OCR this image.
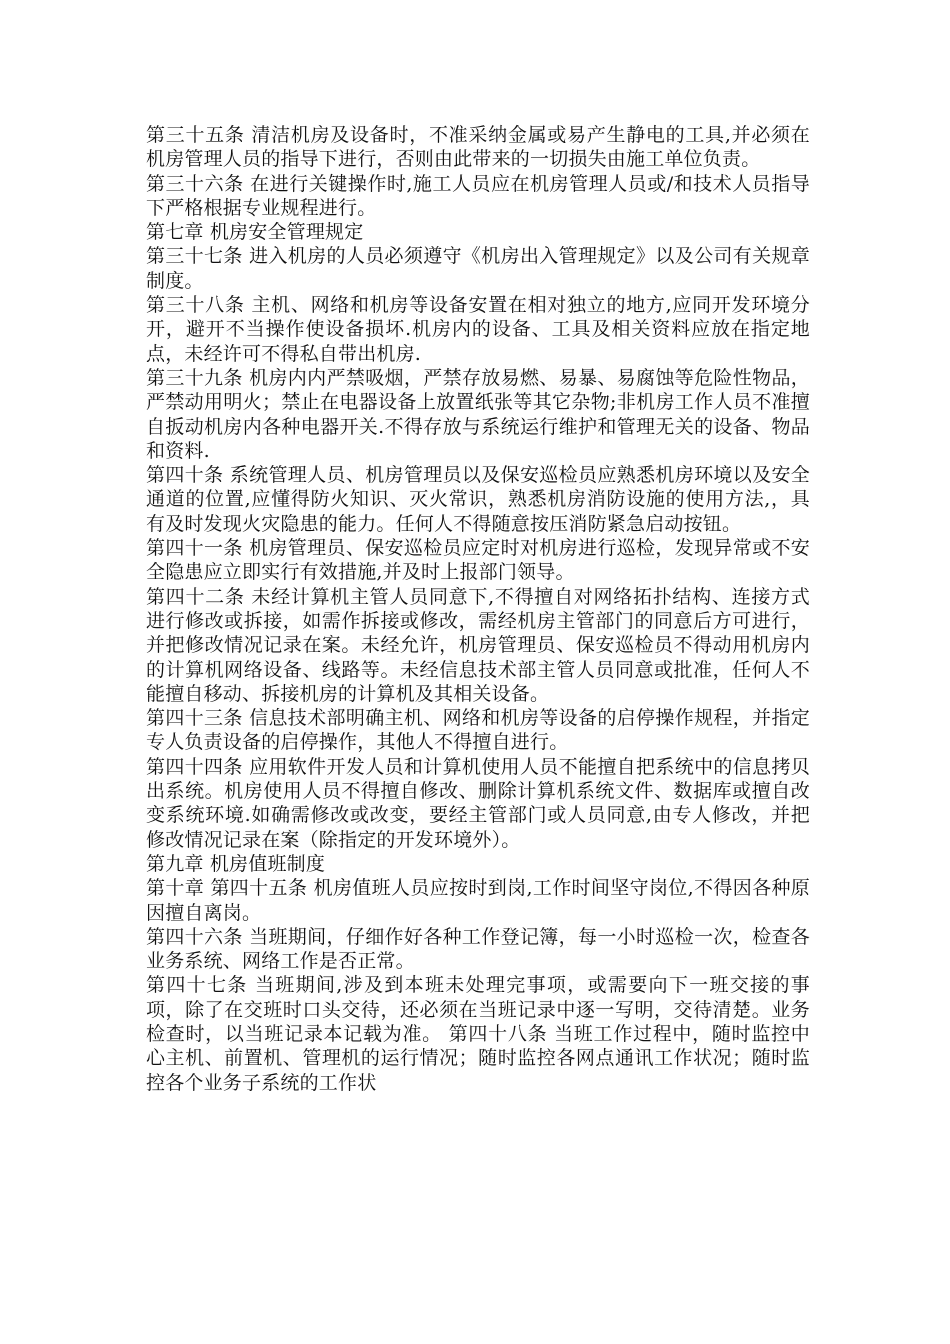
第三十五条 清洁机房及设备时，不准采纳金属或易产生静电的工具,并必须在机房管理人员的指导下进行，否则由此带来的一切损失由施工单位负责。

第三十六条 在进行关键操作时,施工人员应在机房管理人员或/和技术人员指导下严格根据专业规程进行。

第七章 机房安全管理规定

第三十七条 进入机房的人员必须遵守《机房出入管理规定》以及公司有关规章制度。

第三十八条 主机、网络和机房等设备安置在相对独立的地方,应同开发环境分开，避开不当操作使设备损坏.机房内的设备、工具及相关资料应放在指定地点，未经许可不得私自带出机房.

第三十九条 机房内内严禁吸烟，严禁存放易燃、易暴、易腐蚀等危险性物品，严禁动用明火；禁止在电器设备上放置纸张等其它杂物;非机房工作人员不准擅自扳动机房内各种电器开关.不得存放与系统运行维护和管理无关的设备、物品和资料.

第四十条 系统管理人员、机房管理员以及保安巡检员应熟悉机房环境以及安全通道的位置,应懂得防火知识、灭火常识，熟悉机房消防设施的使用方法,，具有及时发现火灾隐患的能力。任何人不得随意按压消防紧急启动按钮。

第四十一条 机房管理员、保安巡检员应定时对机房进行巡检，发现异常或不安全隐患应立即实行有效措施,并及时上报部门领导。

第四十二条 未经计算机主管人员同意下,不得擅自对网络拓扑结构、连接方式进行修改或拆接，如需作拆接或修改，需经机房主管部门的同意后方可进行，并把修改情况记录在案。未经允许，机房管理员、保安巡检员不得动用机房内的计算机网络设备、线路等。未经信息技术部主管人员同意或批准，任何人不能擅自移动、拆接机房的计算机及其相关设备。

第四十三条 信息技术部明确主机、网络和机房等设备的启停操作规程，并指定专人负责设备的启停操作，其他人不得擅自进行。

第四十四条 应用软件开发人员和计算机使用人员不能擅自把系统中的信息拷贝出系统。机房使用人员不得擅自修改、删除计算机系统文件、数据库或擅自改变系统环境.如确需修改或改变，要经主管部门或人员同意,由专人修改，并把修改情况记录在案（除指定的开发环境外）。

第九章 机房值班制度

第十章 第四十五条 机房值班人员应按时到岗,工作时间坚守岗位,不得因各种原因擅自离岗。

第四十六条 当班期间，仔细作好各种工作登记簿，每一小时巡检一次，检查各业务系统、网络工作是否正常。

第四十七条 当班期间,涉及到本班未处理完事项，或需要向下一班交接的事项，除了在交班时口头交待，还必须在当班记录中逐一写明，交待清楚。业务检查时，以当班记录本记载为准。 第四十八条 当班工作过程中，随时监控中心主机、前置机、管理机的运行情况；随时监控各网点通讯工作状况；随时监控各个业务子系统的工作状
